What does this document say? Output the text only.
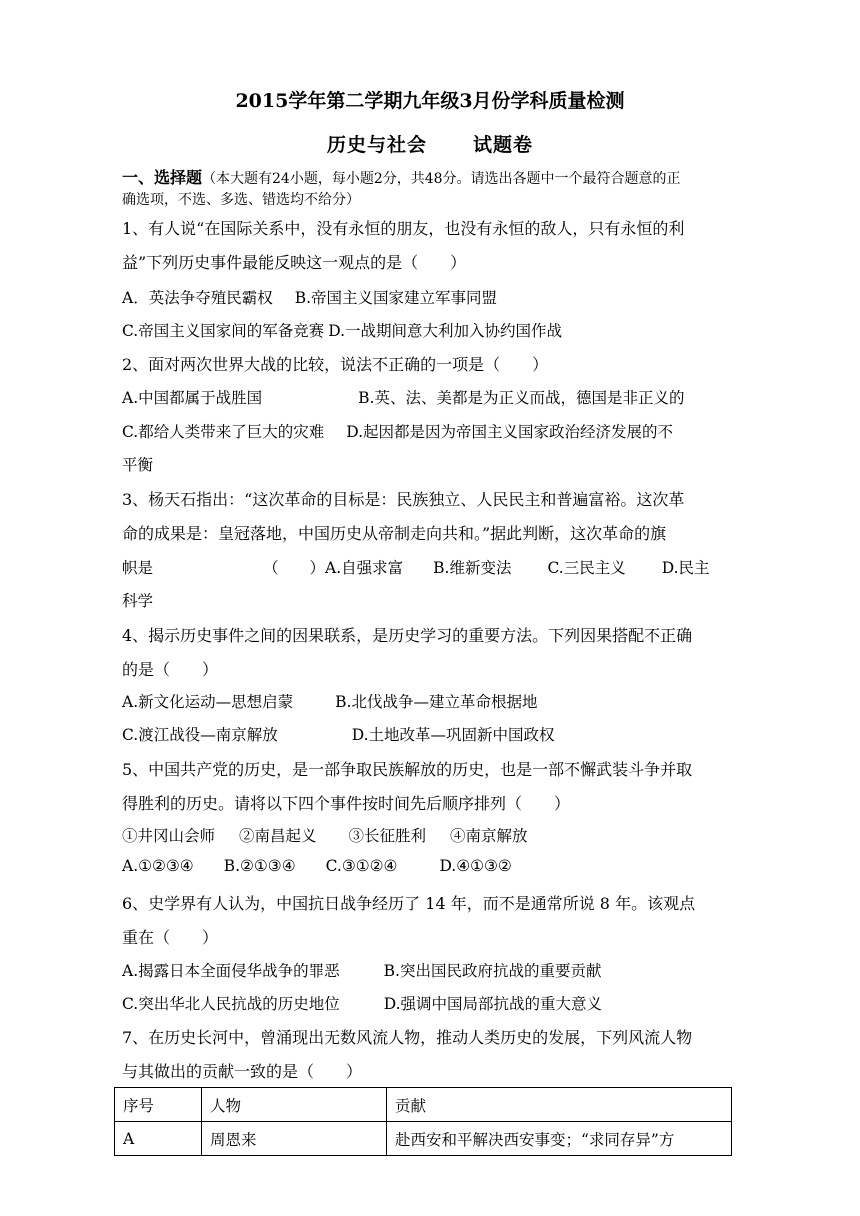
2015学年第二学期九年级3月份学科质量检测
历史与社会 试题卷
一、选择题（本大题有24小题，每小题2分，共48分。请选出各题中一个最符合题意的正
确选项，不选、多选、错选均不给分）
1、有人说“在国际关系中，没有永恒的朋友，也没有永恒的敌人，只有永恒的利
益”下列历史事件最能反映这一观点的是（　　）
A．英法争夺殖民霸权 B.帝国主义国家建立军事同盟
C.帝国主义国家间的军备竞赛 D.一战期间意大利加入协约国作战
2、面对两次世界大战的比较，说法不正确的一项是（　　）
A.中国都属于战胜国	B.英、法、美都是为正义而战，德国是非正义的
C.都给人类带来了巨大的灾难 D.起因都是因为帝国主义国家政治经济发展的不
平衡
3、杨天石指出：“这次革命的目标是：民族独立、人民民主和普遍富裕。这次革
命的成果是：皇冠落地，中国历史从帝制走向共和。”据此判断，这次革命的旗
帜是	（　　）A.自强求富 B.维新变法 C.三民主义 D.民主
科学
4、揭示历史事件之间的因果联系，是历史学习的重要方法。下列因果搭配不正确
的是（　　）
A.新文化运动—思想启蒙	B.北伐战争—建立革命根据地
C.渡江战役—南京解放	D.土地改革—巩固新中国政权
5、中国共产党的历史，是一部争取民族解放的历史，也是一部不懈武装斗争并取
得胜利的历史。请将以下四个事件按时间先后顺序排列（　　）
①井冈山会师 ②南昌起义 ③长征胜利 ④南京解放
A.①②③④ B.②①③④ C.③①②④	D.④①③②
6、史学界有人认为，中国抗日战争经历了 14 年，而不是通常所说 8 年。该观点
重在（　　）
A.揭露日本全面侵华战争的罪恶	B.突出国民政府抗战的重要贡献
C.突出华北人民抗战的历史地位	D.强调中国局部抗战的重大意义
7、在历史长河中，曾涌现出无数风流人物，推动人类历史的发展，下列风流人物
与其做出的贡献一致的是（　　）
序号	人物	贡献
A	周恩来	赴西安和平解决西安事变；“求同存异”方
